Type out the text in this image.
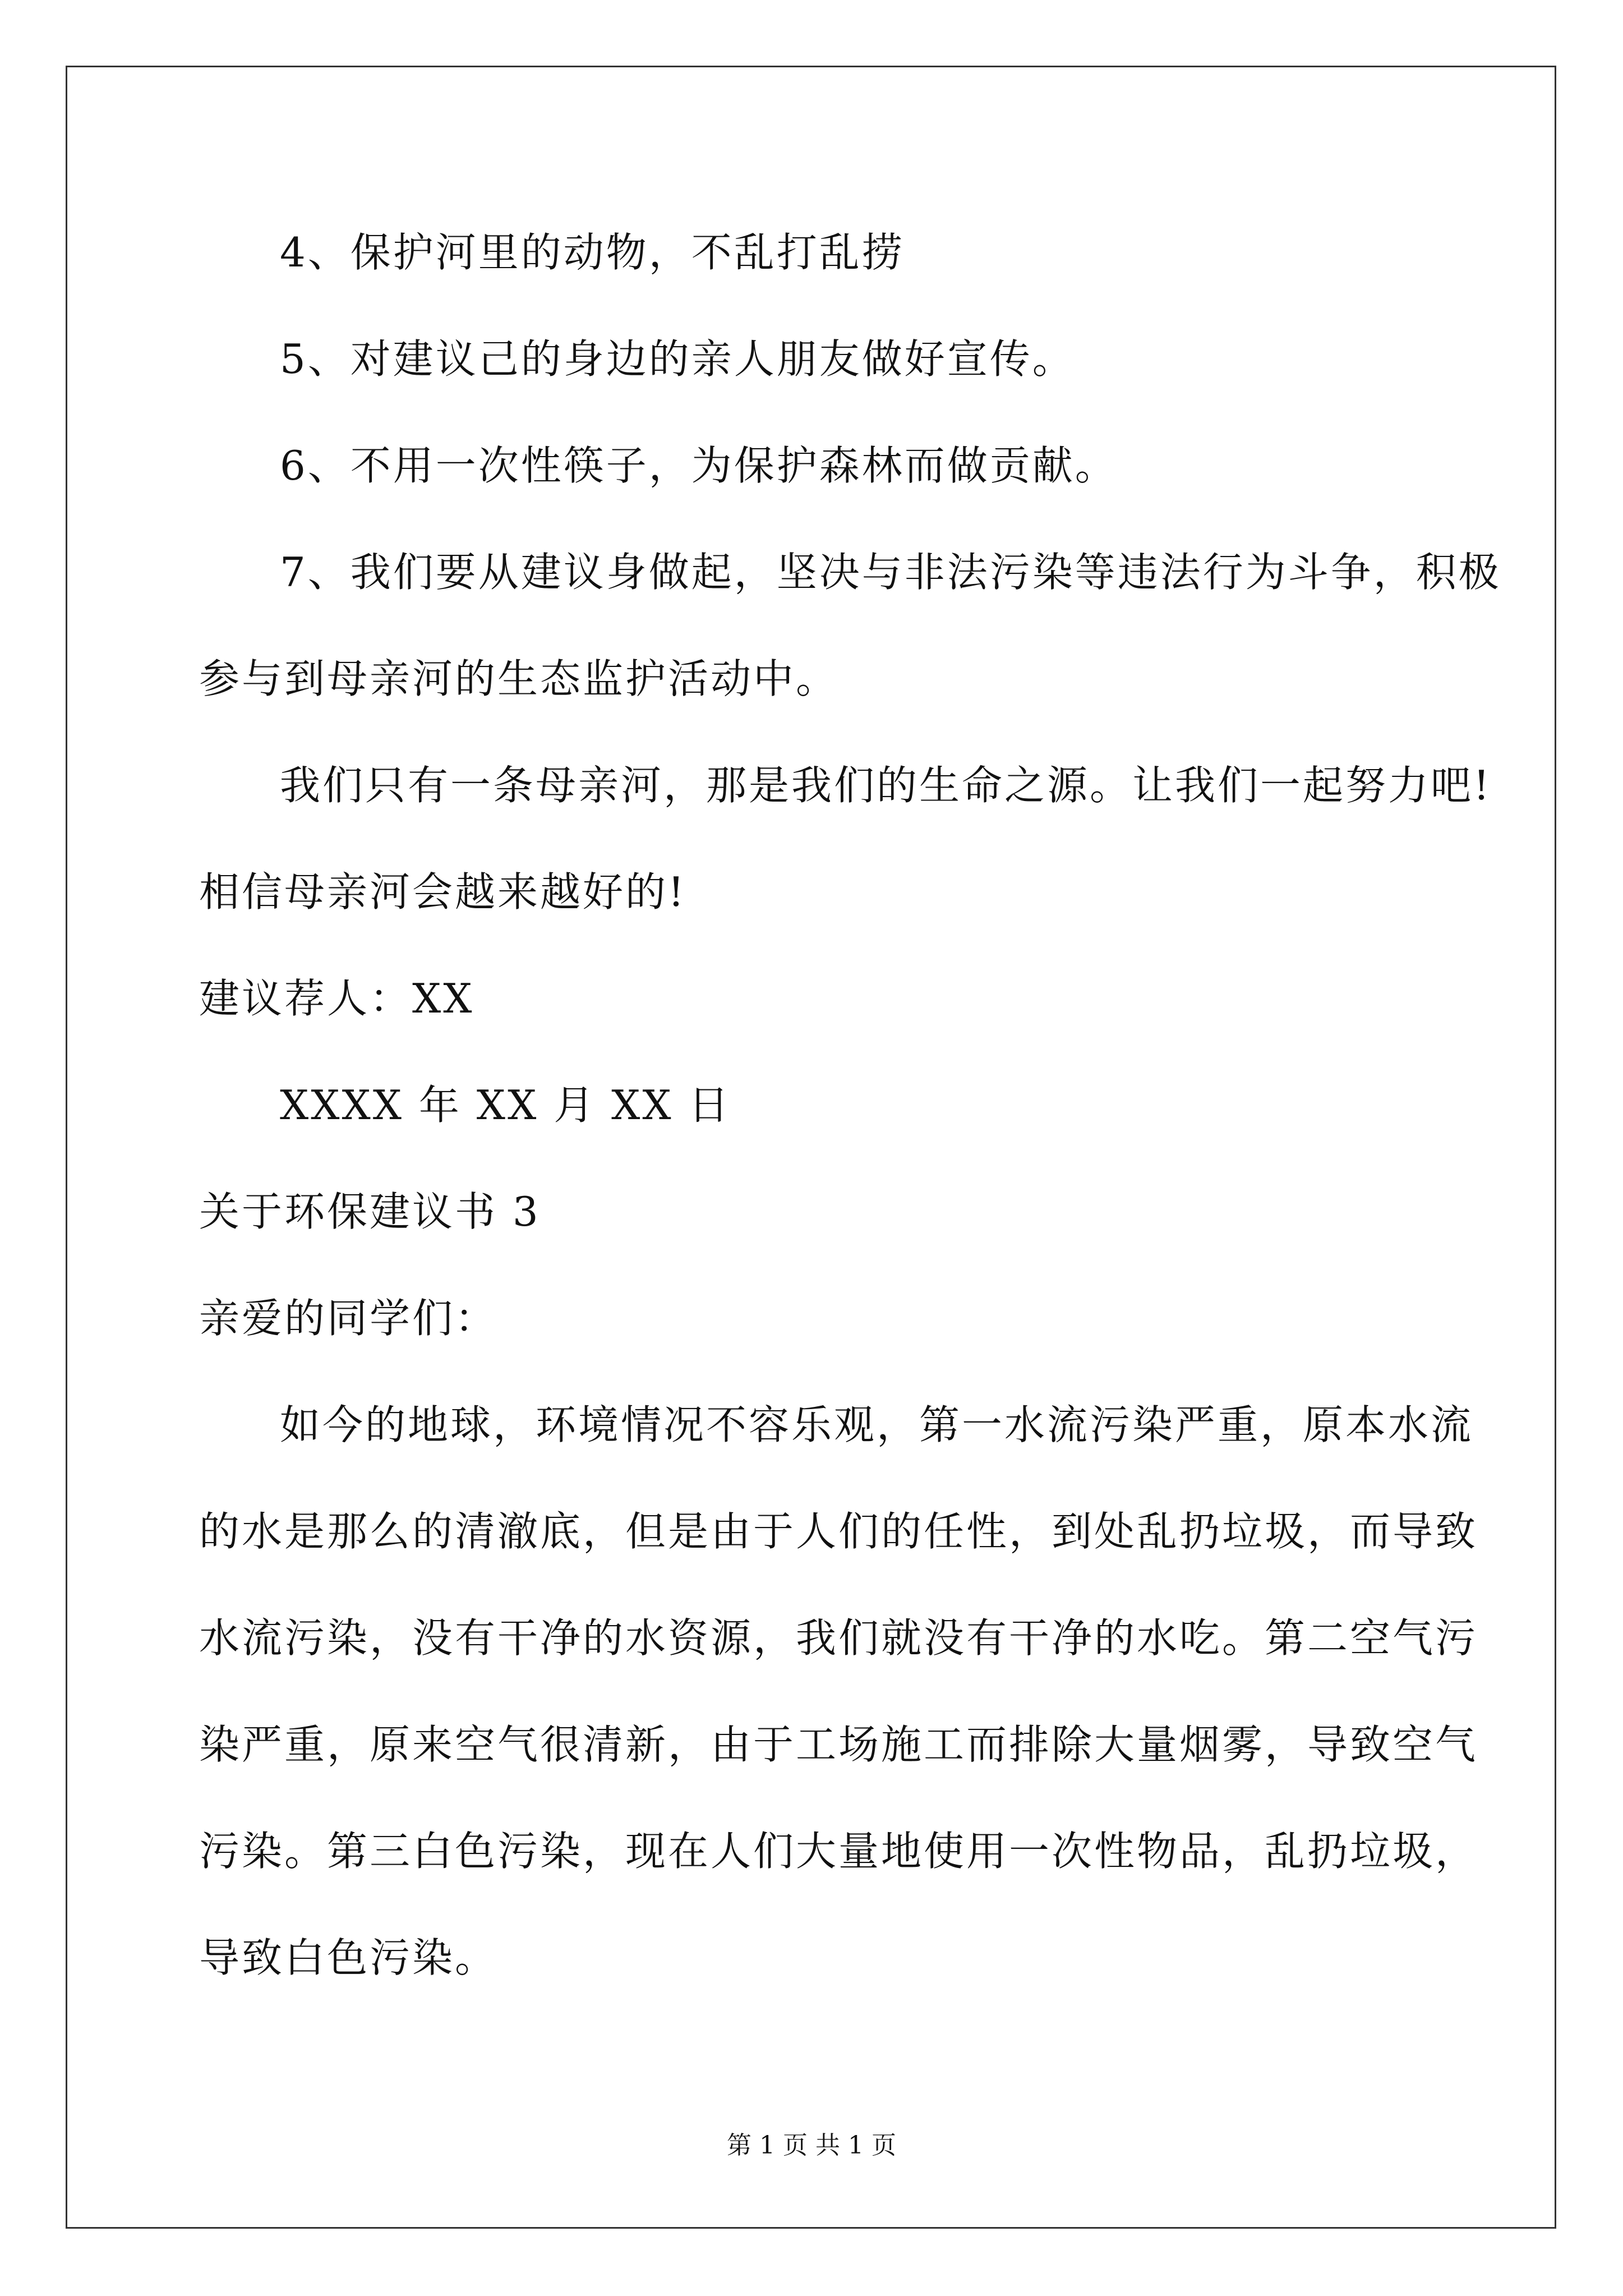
4、保护河里的动物，不乱打乱捞
5、对建议己的身边的亲人朋友做好宣传。
6、不用一次性筷子，为保护森林而做贡献。
7、我们要从建议身做起，坚决与非法污染等违法行为斗争，积极
参与到母亲河的生态监护活动中。
我们只有一条母亲河，那是我们的生命之源。让我们一起努力吧!
相信母亲河会越来越好的!
建议荐人：XX
XXXX 年 XX 月 XX 日
关于环保建议书 3
亲爱的同学们：
如今的地球，环境情况不容乐观，第一水流污染严重，原本水流
的水是那么的清澈底，但是由于人们的任性，到处乱扔垃圾，而导致
水流污染，没有干净的水资源，我们就没有干净的水吃。第二空气污
染严重，原来空气很清新，由于工场施工而排除大量烟雾，导致空气
污染。第三白色污染，现在人们大量地使用一次性物品，乱扔垃圾，
导致白色污染。
第 1 页 共 1 页
